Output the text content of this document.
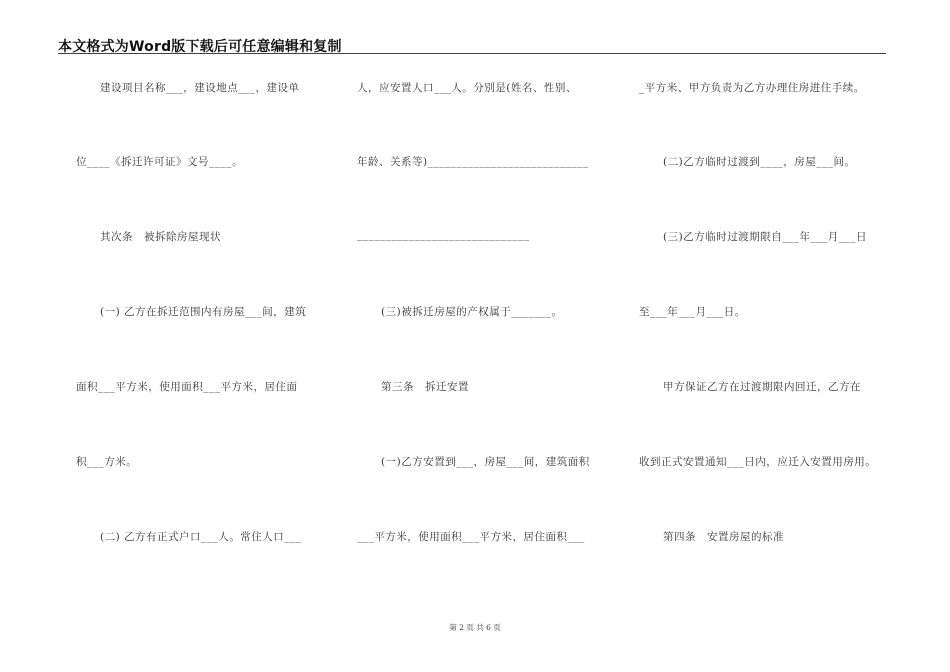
本文格式为Word版下载后可任意编辑和复制
建设项目名称___，建设地点___，建设单
位____《拆迁许可证》文号____。
其次条　被拆除房屋现状
(一) 乙方在拆迁范围内有房屋___间，建筑
面积___平方米，使用面积___平方米，居住面
积___方米。
(二) 乙方有正式户口___人。常住人口___
人，应安置人口___人。分别是(姓名、性别、
年龄、关系等)____________________________
______________________________
(三)被拆迁房屋的产权属于_______。
第三条　拆迁安置
(一)乙方安置到___，房屋___间，建筑面积
___平方米，使用面积___平方米，居住面积___
_平方米、甲方负责为乙方办理住房进住手续。
(二)乙方临时过渡到____，房屋___间。
(三)乙方临时过渡期限自___年___月___日
至___年___月___日。
甲方保证乙方在过渡期限内回迁，乙方在
收到正式安置通知___日内，应迁入安置用房用。
第四条　安置房屋的标准
第 2 页 共 6 页
